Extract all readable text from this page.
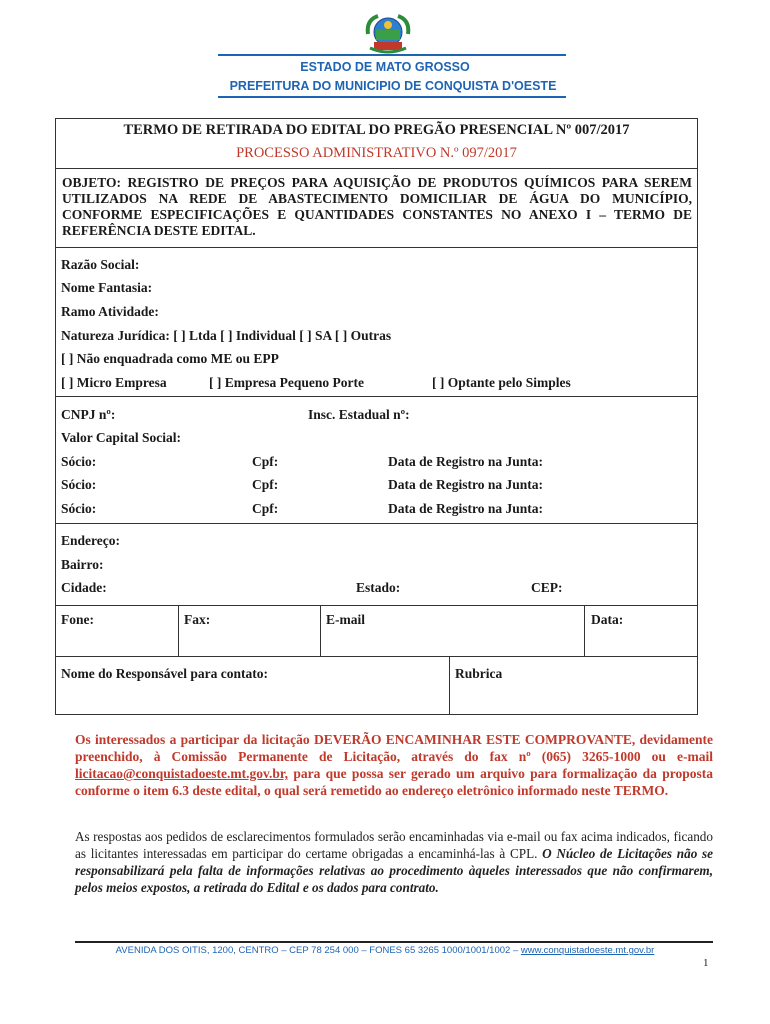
ESTADO DE MATO GROSSO
PREFEITURA DO MUNICIPIO DE CONQUISTA D'OESTE
TERMO DE RETIRADA DO EDITAL DO PREGÃO PRESENCIAL Nº 007/2017
PROCESSO ADMINISTRATIVO N.º 097/2017
OBJETO: REGISTRO DE PREÇOS PARA AQUISIÇÃO DE PRODUTOS QUÍMICOS PARA SEREM UTILIZADOS NA REDE DE ABASTECIMENTO DOMICILIAR DE ÁGUA DO MUNICÍPIO, CONFORME ESPECIFICAÇÕES E QUANTIDADES CONSTANTES NO ANEXO I – TERMO DE REFERÊNCIA DESTE EDITAL.
Razão Social:
Nome Fantasia:
Ramo Atividade:
Natureza Jurídica: [ ] Ltda [ ] Individual [ ] SA [ ] Outras
[ ] Não enquadrada como ME ou EPP
[ ] Micro Empresa	[ ] Empresa Pequeno Porte	[ ] Optante pelo Simples
CNPJ nº:	Insc. Estadual nº:
Valor Capital Social:
Sócio:	Cpf:	Data de Registro na Junta:
Sócio:	Cpf:	Data de Registro na Junta:
Sócio:	Cpf:	Data de Registro na Junta:
Endereço:
Bairro:
Cidade:	Estado:	CEP:
Fone:	Fax:	E-mail	Data:
Nome do Responsável para contato:	Rubrica
Os interessados a participar da licitação DEVERÃO ENCAMINHAR ESTE COMPROVANTE, devidamente preenchido, à Comissão Permanente de Licitação, através do fax nº (065) 3265-1000 ou e-mail licitacao@conquistadoeste.mt.gov.br, para que possa ser gerado um arquivo para formalização da proposta conforme o item 6.3 deste edital, o qual será remetido ao endereço eletrônico informado neste TERMO.
As respostas aos pedidos de esclarecimentos formulados serão encaminhadas via e-mail ou fax acima indicados, ficando as licitantes interessadas em participar do certame obrigadas a encaminhá-las à CPL. O Núcleo de Licitações não se responsabilizará pela falta de informações relativas ao procedimento àqueles interessados que não confirmarem, pelos meios expostos, a retirada do Edital e os dados para contrato.
AVENIDA DOS OITIS, 1200, CENTRO – CEP 78 254 000 – FONES 65 3265 1000/1001/1002 – www.conquistadoeste.mt.gov.br
1
